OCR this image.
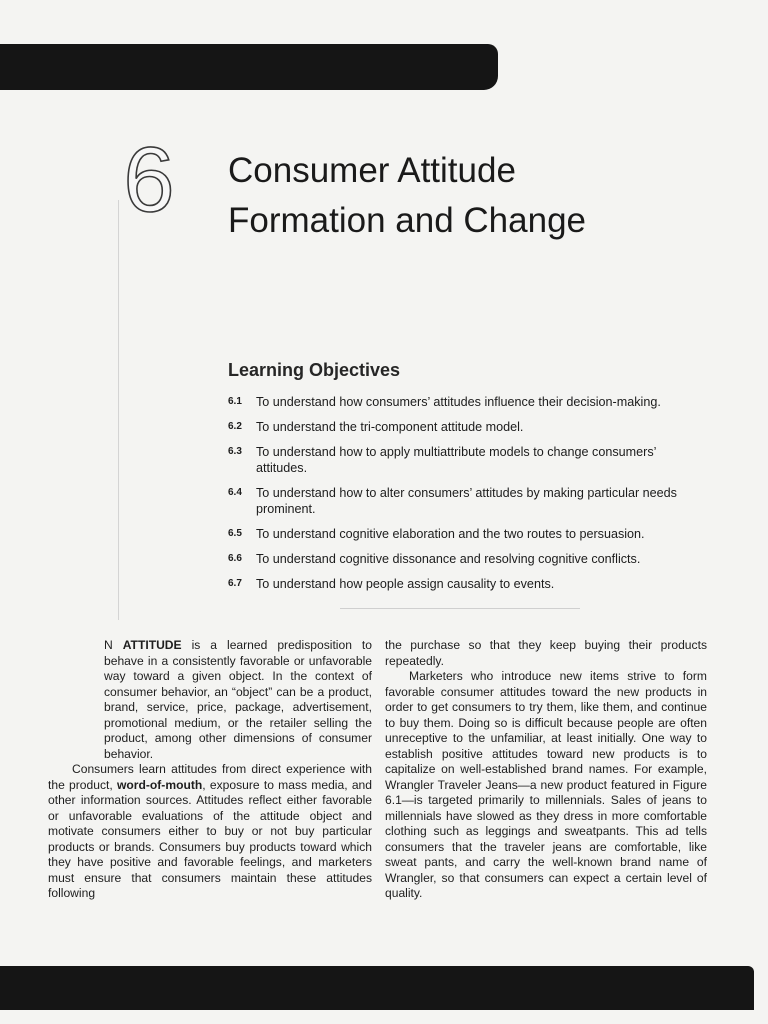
6	Consumer Attitude
Formation and Change
Learning Objectives
6.1	To understand how consumers’ attitudes influence their decision-making.
6.2	To understand the tri-component attitude model.
6.3	To understand how to apply multiattribute models to change consumers’ attitudes.
6.4	To understand how to alter consumers’ attitudes by making particular needs prominent.
6.5	To understand cognitive elaboration and the two routes to persuasion.
6.6	To understand cognitive dissonance and resolving cognitive conflicts.
6.7	To understand how people assign causality to events.

N ATTITUDE is a learned predisposition to behave in a consistently favorable or unfavorable way toward a given object. In the context of consumer behavior, an “object” can be a product, brand, service, price, package, advertisement, promotional medium, or the retailer selling the product, among other dimensions of consumer behavior.

Consumers learn attitudes from direct experience with the product, word-of-mouth, exposure to mass media, and other information sources. Attitudes reflect either favorable or unfavorable evaluations of the attitude object and motivate consumers either to buy or not buy particular products or brands. Consumers buy products toward which they have positive and favorable feelings, and marketers must ensure that consumers maintain these attitudes following

the purchase so that they keep buying their products repeatedly.

Marketers who introduce new items strive to form favorable consumer attitudes toward the new products in order to get consumers to try them, like them, and continue to buy them. Doing so is difficult because people are often unreceptive to the unfamiliar, at least initially. One way to establish positive attitudes toward new products is to capitalize on well-established brand names. For example, Wrangler Traveler Jeans—a new product featured in Figure 6.1—is targeted primarily to millennials. Sales of jeans to millennials have slowed as they dress in more comfortable clothing such as leggings and sweatpants. This ad tells consumers that the traveler jeans are comfortable, like sweat pants, and carry the well-known brand name of Wrangler, so that consumers can expect a certain level of quality.
